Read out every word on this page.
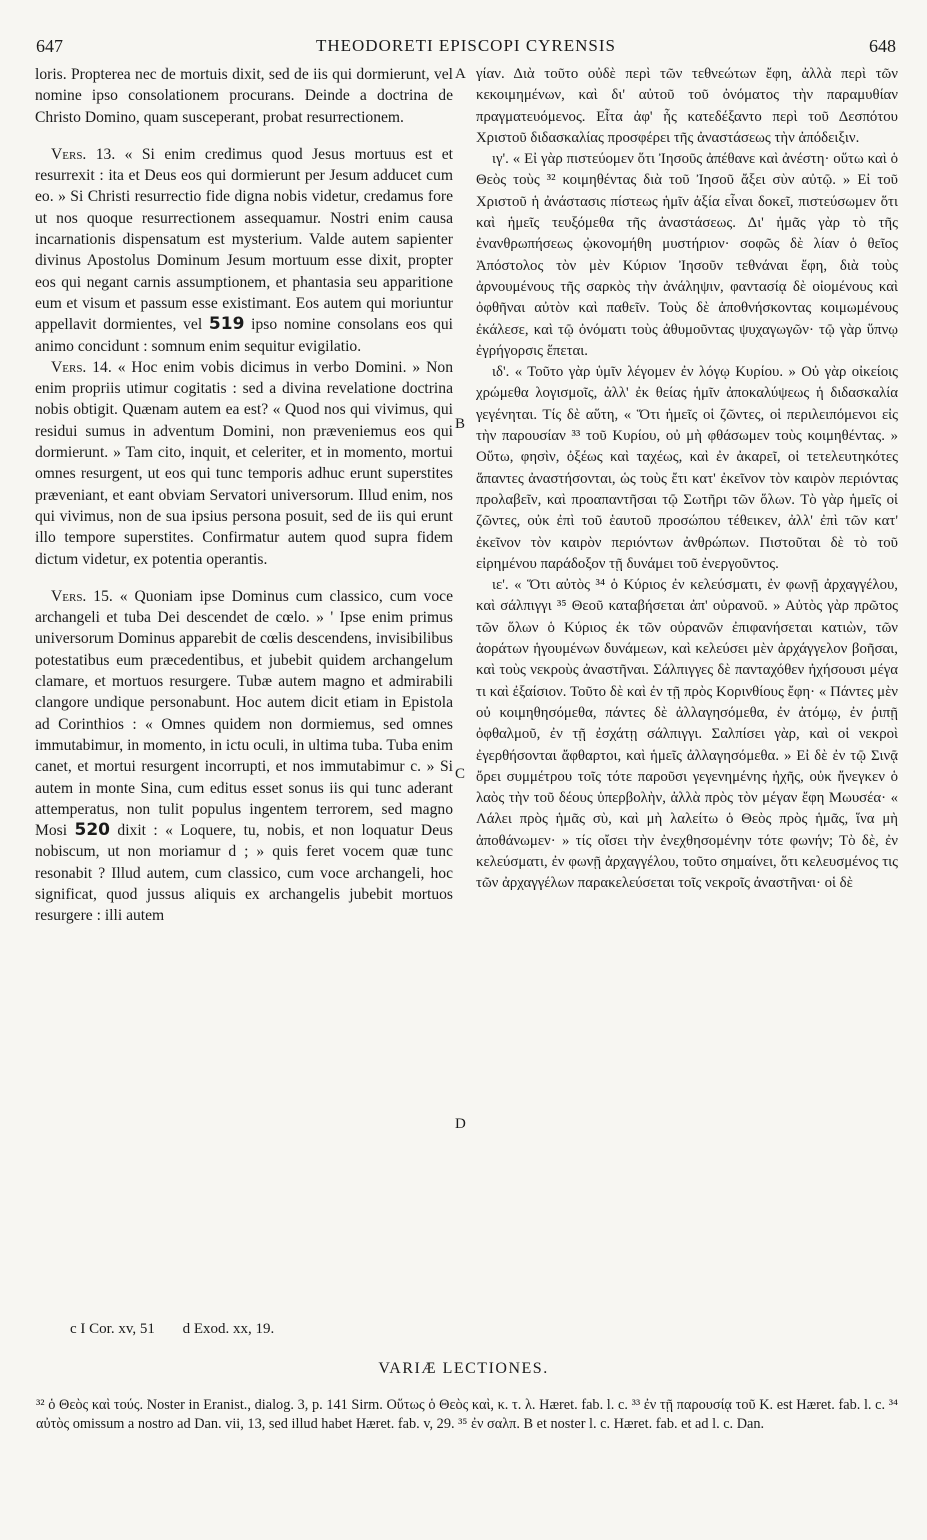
647	THEODORETI EPISCOPI CYRENSIS	648
A
B
C
D

loris. Propterea nec de mortuis dixit, sed de iis qui dormierunt, vel nomine ipso consolationem procurans. Deinde a doctrina de Christo Domino, quam susceperant, probat resurrectionem.

Vers. 13. « Si enim credimus quod Jesus mortuus est et resurrexit : ita et Deus eos qui dormierunt per Jesum adducet cum eo. » Si Christi resurrectio fide digna nobis videtur, credamus fore ut nos quoque resurrectionem assequamur. Nostri enim causa incarnationis dispensatum est mysterium. Valde autem sapienter divinus Apostolus Dominum Jesum mortuum esse dixit, propter eos qui negant carnis assumptionem, et phantasia seu apparitione eum et visum et passum esse existimant. Eos autem qui moriuntur appellavit dormientes, vel 519 ipso nomine consolans eos qui animo concidunt : somnum enim sequitur evigilatio.

Vers. 14. « Hoc enim vobis dicimus in verbo Domini. » Non enim propriis utimur cogitatis : sed a divina revelatione doctrina nobis obtigit. Quænam autem ea est? « Quod nos qui vivimus, qui residui sumus in adventum Domini, non præveniemus eos qui dormierunt. » Tam cito, inquit, et celeriter, et in momento, mortui omnes resurgent, ut eos qui tunc temporis adhuc erunt superstites præveniant, et eant obviam Servatori universorum. Illud enim, nos qui vivimus, non de sua ipsius persona posuit, sed de iis qui erunt illo tempore superstites. Confirmatur autem quod supra fidem dictum videtur, ex potentia operantis.

Vers. 15. « Quoniam ipse Dominus cum classico, cum voce archangeli et tuba Dei descendet de cœlo. » ' Ipse enim primus universorum Dominus apparebit de cœlis descendens, invisibilibus potestatibus eum præcedentibus, et jubebit quidem archangelum clamare, et mortuos resurgere. Tubæ autem magno et admirabili clangore undique personabunt. Hoc autem dicit etiam in Epistola ad Corinthios : « Omnes quidem non dormiemus, sed omnes immutabimur, in momento, in ictu oculi, in ultima tuba. Tuba enim canet, et mortui resurgent incorrupti, et nos immutabimur c. » Si autem in monte Sina, cum editus esset sonus iis qui tunc aderant attemperatus, non tulit populus ingentem terrorem, sed magno Mosi 520 dixit : « Loquere, tu, nobis, et non loquatur Deus nobiscum, ut non moriamur d ; » quis feret vocem quæ tunc resonabit ? Illud autem, cum classico, cum voce archangeli, hoc significat, quod jussus aliquis ex archangelis jubebit mortuos resurgere : illi autem

γίαν. Διὰ τοῦτο οὐδὲ περὶ τῶν τεθνεώτων ἔφη, ἀλλὰ περὶ τῶν κεκοιμημένων, καὶ δι' αὐτοῦ τοῦ ὀνόματος τὴν παραμυθίαν πραγματευόμενος. Εἶτα ἀφ' ἧς κατεδέξαντο περὶ τοῦ Δεσπότου Χριστοῦ διδασκαλίας προσφέρει τῆς ἀναστάσεως τὴν ἀπόδειξιν.

ιγ'. « Εἰ γὰρ πιστεύομεν ὅτι Ἰησοῦς ἀπέθανε καὶ ἀνέστη· οὕτω καὶ ὁ Θεὸς τοὺς ³² κοιμηθέντας διὰ τοῦ Ἰησοῦ ἄξει σὺν αὐτῷ. » Εἰ τοῦ Χριστοῦ ἡ ἀνάστασις πίστεως ἡμῖν ἀξία εἶναι δοκεῖ, πιστεύσωμεν ὅτι καὶ ἡμεῖς τευξόμεθα τῆς ἀναστάσεως. Δι' ἡμᾶς γὰρ τὸ τῆς ἐνανθρωπήσεως ᾠκονομήθη μυστήριον· σοφῶς δὲ λίαν ὁ θεῖος Ἀπόστολος τὸν μὲν Κύριον Ἰησοῦν τεθνάναι ἔφη, διὰ τοὺς ἀρνουμένους τῆς σαρκὸς τὴν ἀνάληψιν, φαντασίᾳ δὲ οἰομένους καὶ ὀφθῆναι αὐτὸν καὶ παθεῖν. Τοὺς δὲ ἀποθνήσκοντας κοιμωμένους ἐκάλεσε, καὶ τῷ ὀνόματι τοὺς ἀθυμοῦντας ψυχαγωγῶν· τῷ γὰρ ὕπνῳ ἐγρήγορσις ἕπεται.

ιδ'. « Τοῦτο γὰρ ὑμῖν λέγομεν ἐν λόγῳ Κυρίου. » Οὐ γὰρ οἰκείοις χρώμεθα λογισμοῖς, ἀλλ' ἐκ θείας ἡμῖν ἀποκαλύψεως ἡ διδασκαλία γεγένηται. Τίς δὲ αὕτη, « Ὅτι ἡμεῖς οἱ ζῶντες, οἱ περιλειπόμενοι εἰς τὴν παρουσίαν ³³ τοῦ Κυρίου, οὐ μὴ φθάσωμεν τοὺς κοιμηθέντας. » Οὕτω, φησὶν, ὀξέως καὶ ταχέως, καὶ ἐν ἀκαρεῖ, οἱ τετελευτηκότες ἅπαντες ἀναστήσονται, ὡς τοὺς ἔτι κατ' ἐκεῖνον τὸν καιρὸν περιόντας προλαβεῖν, καὶ προαπαντῆσαι τῷ Σωτῆρι τῶν ὅλων. Τὸ γὰρ ἡμεῖς οἱ ζῶντες, οὐκ ἐπὶ τοῦ ἑαυτοῦ προσώπου τέθεικεν, ἀλλ' ἐπὶ τῶν κατ' ἐκεῖνον τὸν καιρὸν περιόντων ἀνθρώπων. Πιστοῦται δὲ τὸ τοῦ εἰρημένου παράδοξον τῇ δυνάμει τοῦ ἐνεργοῦντος.

ιε'. « Ὅτι αὐτὸς ³⁴ ὁ Κύριος ἐν κελεύσματι, ἐν φωνῇ ἀρχαγγέλου, καὶ σάλπιγγι ³⁵ Θεοῦ καταβήσεται ἀπ' οὐρανοῦ. » Αὐτὸς γὰρ πρῶτος τῶν ὅλων ὁ Κύριος ἐκ τῶν οὐρανῶν ἐπιφανήσεται κατιὼν, τῶν ἀοράτων ἡγουμένων δυνάμεων, καὶ κελεύσει μὲν ἀρχάγγελον βοῆσαι, καὶ τοὺς νεκροὺς ἀναστῆναι. Σάλπιγγες δὲ πανταχόθεν ἠχήσουσι μέγα τι καὶ ἐξαίσιον. Τοῦτο δὲ καὶ ἐν τῇ πρὸς Κορινθίους ἔφη· « Πάντες μὲν οὐ κοιμηθησόμεθα, πάντες δὲ ἀλλαγησόμεθα, ἐν ἀτόμῳ, ἐν ῥιπῇ ὀφθαλμοῦ, ἐν τῇ ἐσχάτῃ σάλπιγγι. Σαλπίσει γὰρ, καὶ οἱ νεκροὶ ἐγερθήσονται ἄφθαρτοι, καὶ ἡμεῖς ἀλλαγησόμεθα. » Εἰ δὲ ἐν τῷ Σινᾷ ὄρει συμμέτρου τοῖς τότε παροῦσι γεγενημένης ἠχῆς, οὐκ ἤνεγκεν ὁ λαὸς τὴν τοῦ δέους ὑπερβολὴν, ἀλλὰ πρὸς τὸν μέγαν ἔφη Μωυσέα· « Λάλει πρὸς ἡμᾶς σὺ, καὶ μὴ λαλείτω ὁ Θεὸς πρὸς ἡμᾶς, ἵνα μὴ ἀποθάνωμεν· » τίς οἴσει τὴν ἐνεχθησομένην τότε φωνήν; Τὸ δὲ, ἐν κελεύσματι, ἐν φωνῇ ἀρχαγγέλου, τοῦτο σημαίνει, ὅτι κελευσμένος τις τῶν ἀρχαγγέλων παρακελεύσεται τοῖς νεκροῖς ἀναστῆναι· οἱ δὲ

c I Cor. xv, 51 d Exod. xx, 19.
VARIÆ LECTIONES.
³² ὁ Θεὸς καὶ τούς. Noster in Eranist., dialog. 3, p. 141 Sirm. Οὕτως ὁ Θεὸς καὶ, κ. τ. λ. Hæret. fab. l. c. ³³ ἐν τῇ παρουσίᾳ τοῦ Κ. est Hæret. fab. l. c. ³⁴ αὐτὸς omissum a nostro ad Dan. vii, 13, sed illud habet Hæret. fab. v, 29. ³⁵ ἐν σαλπ. B et noster l. c. Hæret. fab. et ad l. c. Dan.
